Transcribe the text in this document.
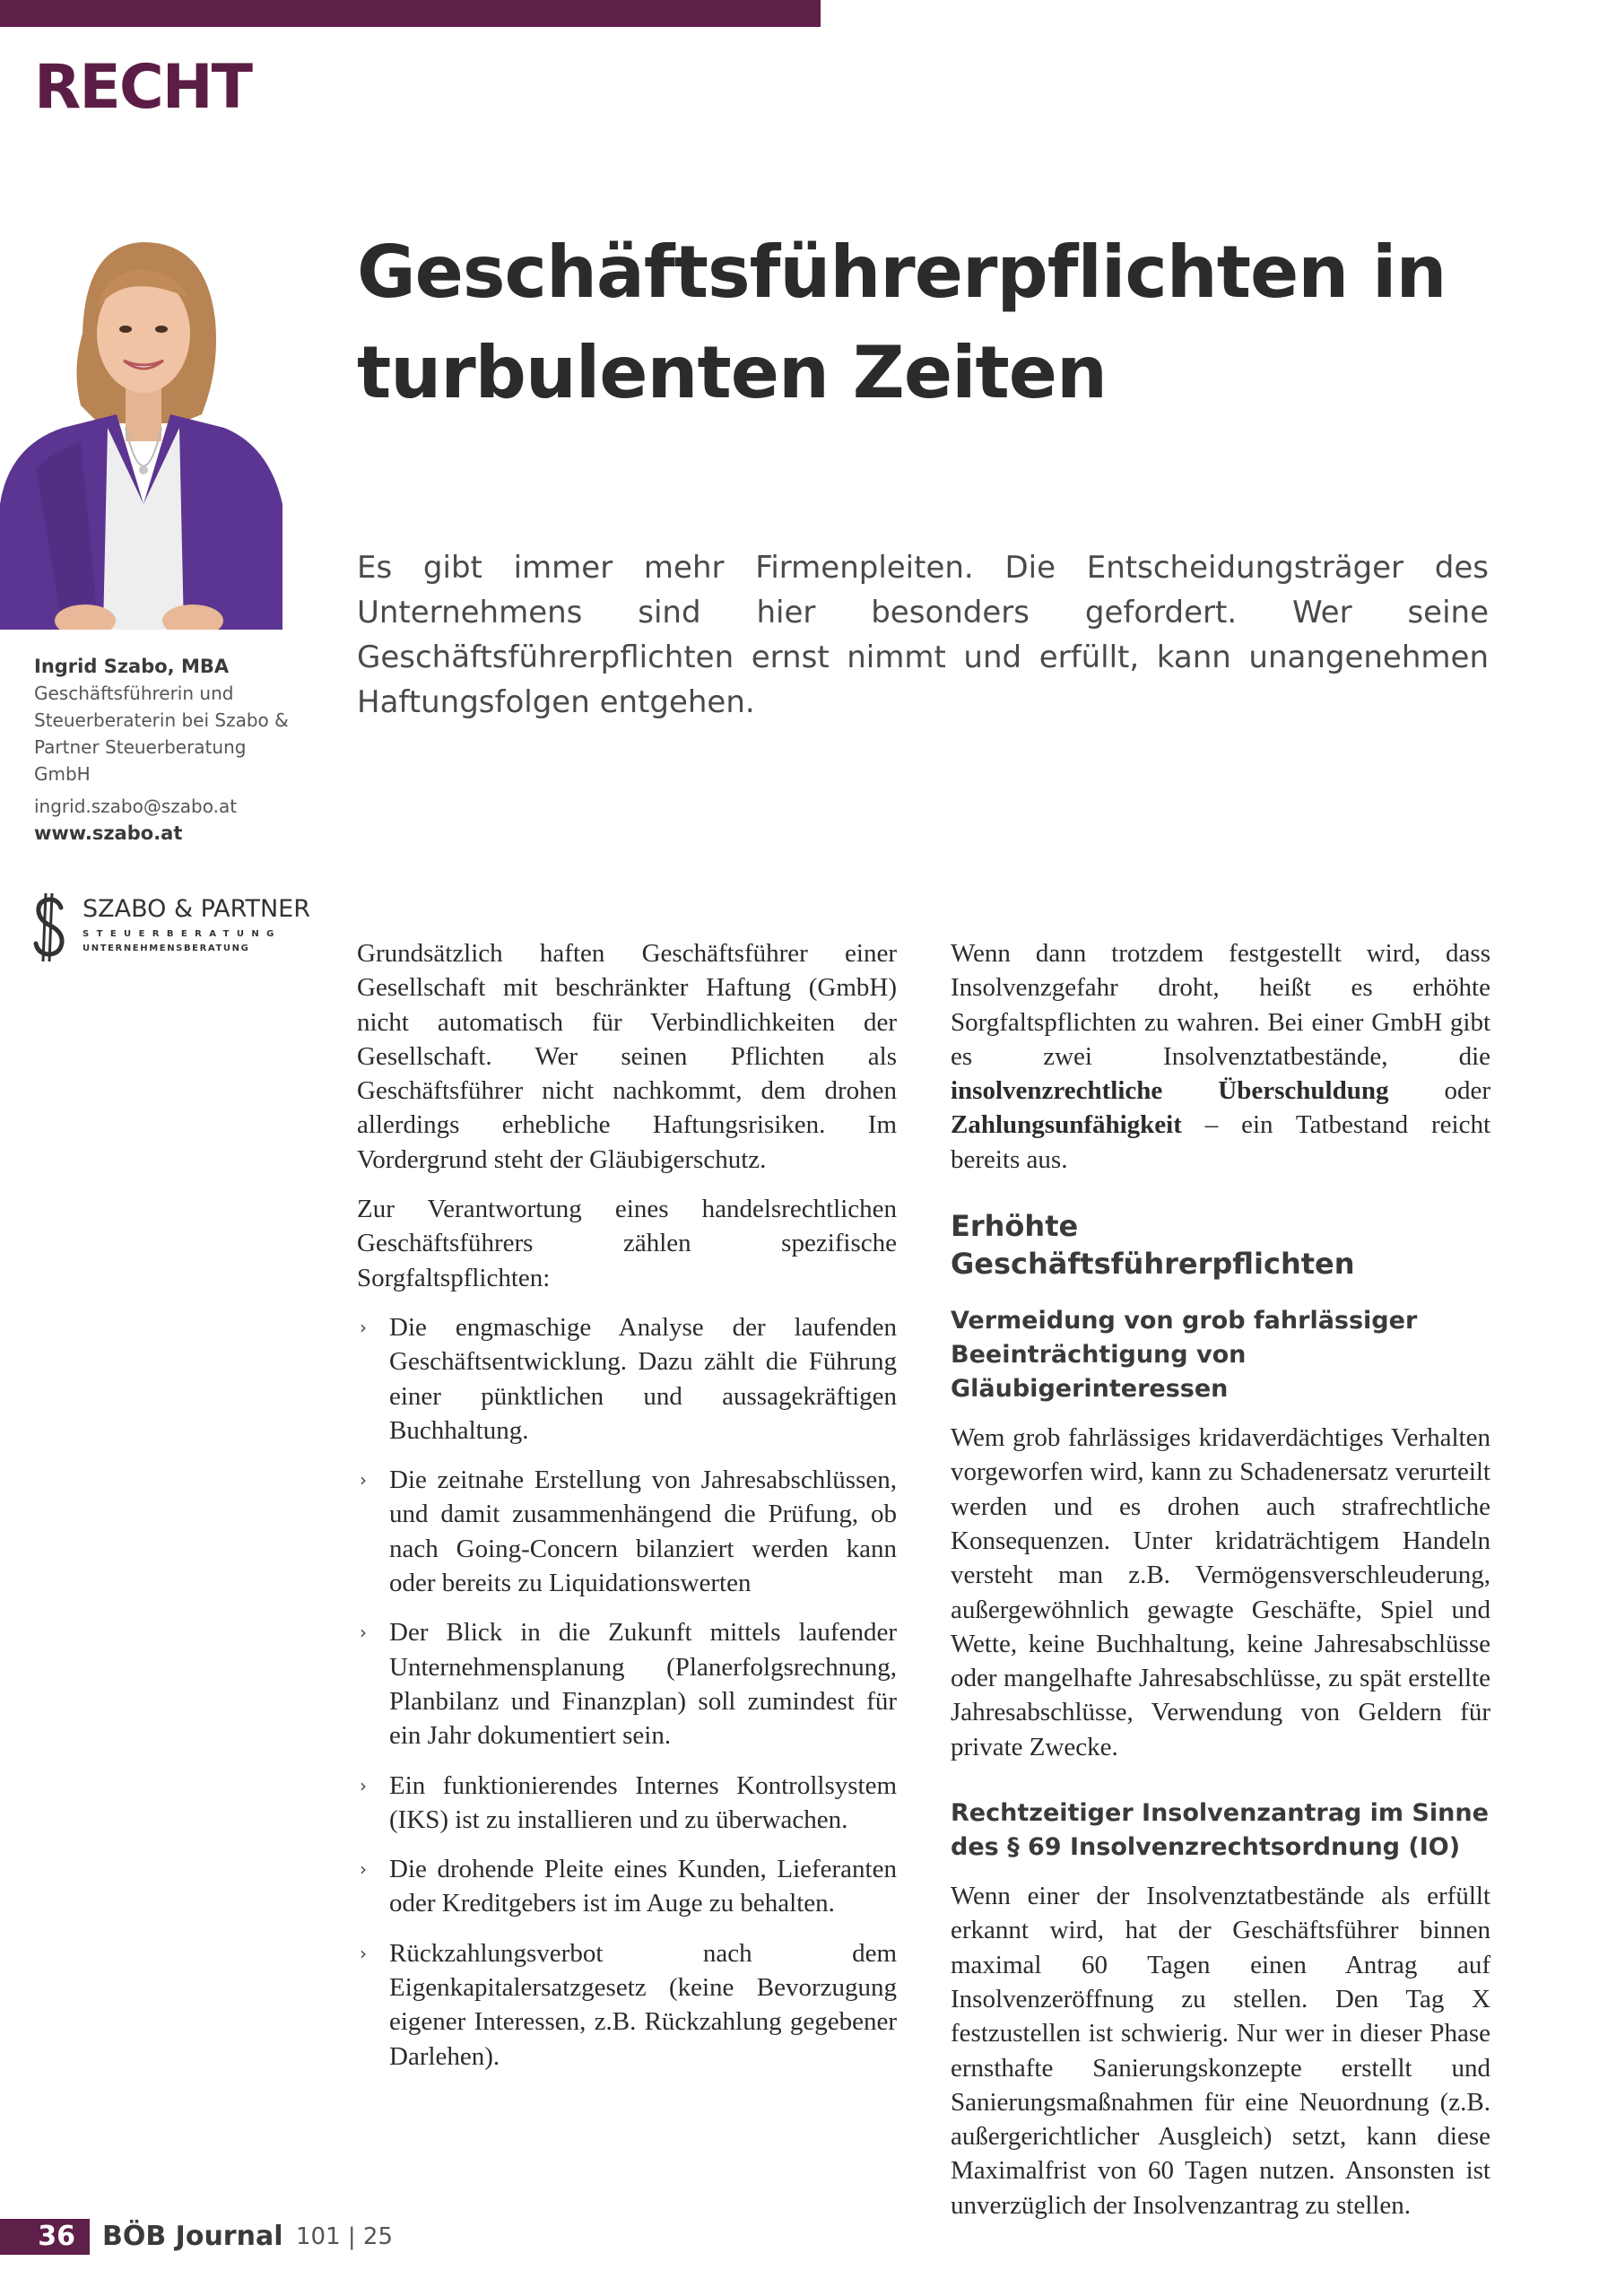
RECHT

Ingrid Szabo, MBA

Geschäftsführerin und Steuerberaterin bei Szabo & Partner Steuerberatung GmbH

ingrid.szabo@szabo.at

www.szabo.at

SZABO & PARTNER
STEUERBERATUNG
UNTERNEHMENSBERATUNG
Geschäftsführerpflichten in turbulenten Zeiten

Es gibt immer mehr Firmenpleiten. Die Entscheidungsträger des Unternehmens sind hier besonders gefordert. Wer seine Geschäftsführerpflichten ernst nimmt und erfüllt, kann unangenehmen Haftungsfolgen entgehen.

Grundsätzlich haften Geschäftsführer einer Gesellschaft mit beschränkter Haftung (GmbH) nicht automatisch für Verbindlichkeiten der Gesellschaft. Wer seinen Pflichten als Geschäftsführer nicht nachkommt, dem drohen allerdings erhebliche Haftungsrisiken. Im Vordergrund steht der Gläubigerschutz.

Zur Verantwortung eines handelsrechtlichen Geschäftsführers zählen spezifische Sorgfaltspflichten:

› Die engmaschige Analyse der laufenden Geschäftsentwicklung. Dazu zählt die Führung einer pünktlichen und aussagekräftigen Buchhaltung.
› Die zeitnahe Erstellung von Jahresabschlüssen, und damit zusammenhängend die Prüfung, ob nach Going-Concern bilanziert werden kann oder bereits zu Liquidationswerten
› Der Blick in die Zukunft mittels laufender Unternehmensplanung (Planerfolgsrechnung, Planbilanz und Finanzplan) soll zumindest für ein Jahr dokumentiert sein.
› Ein funktionierendes Internes Kontrollsystem (IKS) ist zu installieren und zu überwachen.
› Die drohende Pleite eines Kunden, Lieferanten oder Kreditgebers ist im Auge zu behalten.
› Rückzahlungsverbot nach dem Eigenkapitalersatzgesetz (keine Bevorzugung eigener Interessen, z.B. Rückzahlung gegebener Darlehen).

Wenn dann trotzdem festgestellt wird, dass Insolvenzgefahr droht, heißt es erhöhte Sorgfaltspflichten zu wahren. Bei einer GmbH gibt es zwei Insolvenztatbestände, die insolvenzrechtliche Überschuldung oder Zahlungsunfähigkeit – ein Tatbestand reicht bereits aus.

Erhöhte Geschäftsführerpflichten
Vermeidung von grob fahrlässiger Beeinträchtigung von Gläubigerinteressen

Wem grob fahrlässiges kridaverdächtiges Verhalten vorgeworfen wird, kann zu Schadenersatz verurteilt werden und es drohen auch strafrechtliche Konsequenzen. Unter kridaträchtigem Handeln versteht man z.B. Vermögensverschleuderung, außergewöhnlich gewagte Geschäfte, Spiel und Wette, keine Buchhaltung, keine Jahresabschlüsse oder mangelhafte Jahresabschlüsse, zu spät erstellte Jahresabschlüsse, Verwendung von Geldern für private Zwecke.

Rechtzeitiger Insolvenzantrag im Sinne des § 69 Insolvenzrechtsordnung (IO)

Wenn einer der Insolvenztatbestände als erfüllt erkannt wird, hat der Geschäftsführer binnen maximal 60 Tagen einen Antrag auf Insolvenzeröffnung zu stellen. Den Tag X festzustellen ist schwierig. Nur wer in dieser Phase ernsthafte Sanierungskonzepte erstellt und Sanierungsmaßnahmen für eine Neuordnung (z.B. außergerichtlicher Ausgleich) setzt, kann diese Maximalfrist von 60 Tagen nutzen. Ansonsten ist unverzüglich der Insolvenzantrag zu stellen.

36	BÖB Journal 101 | 25
